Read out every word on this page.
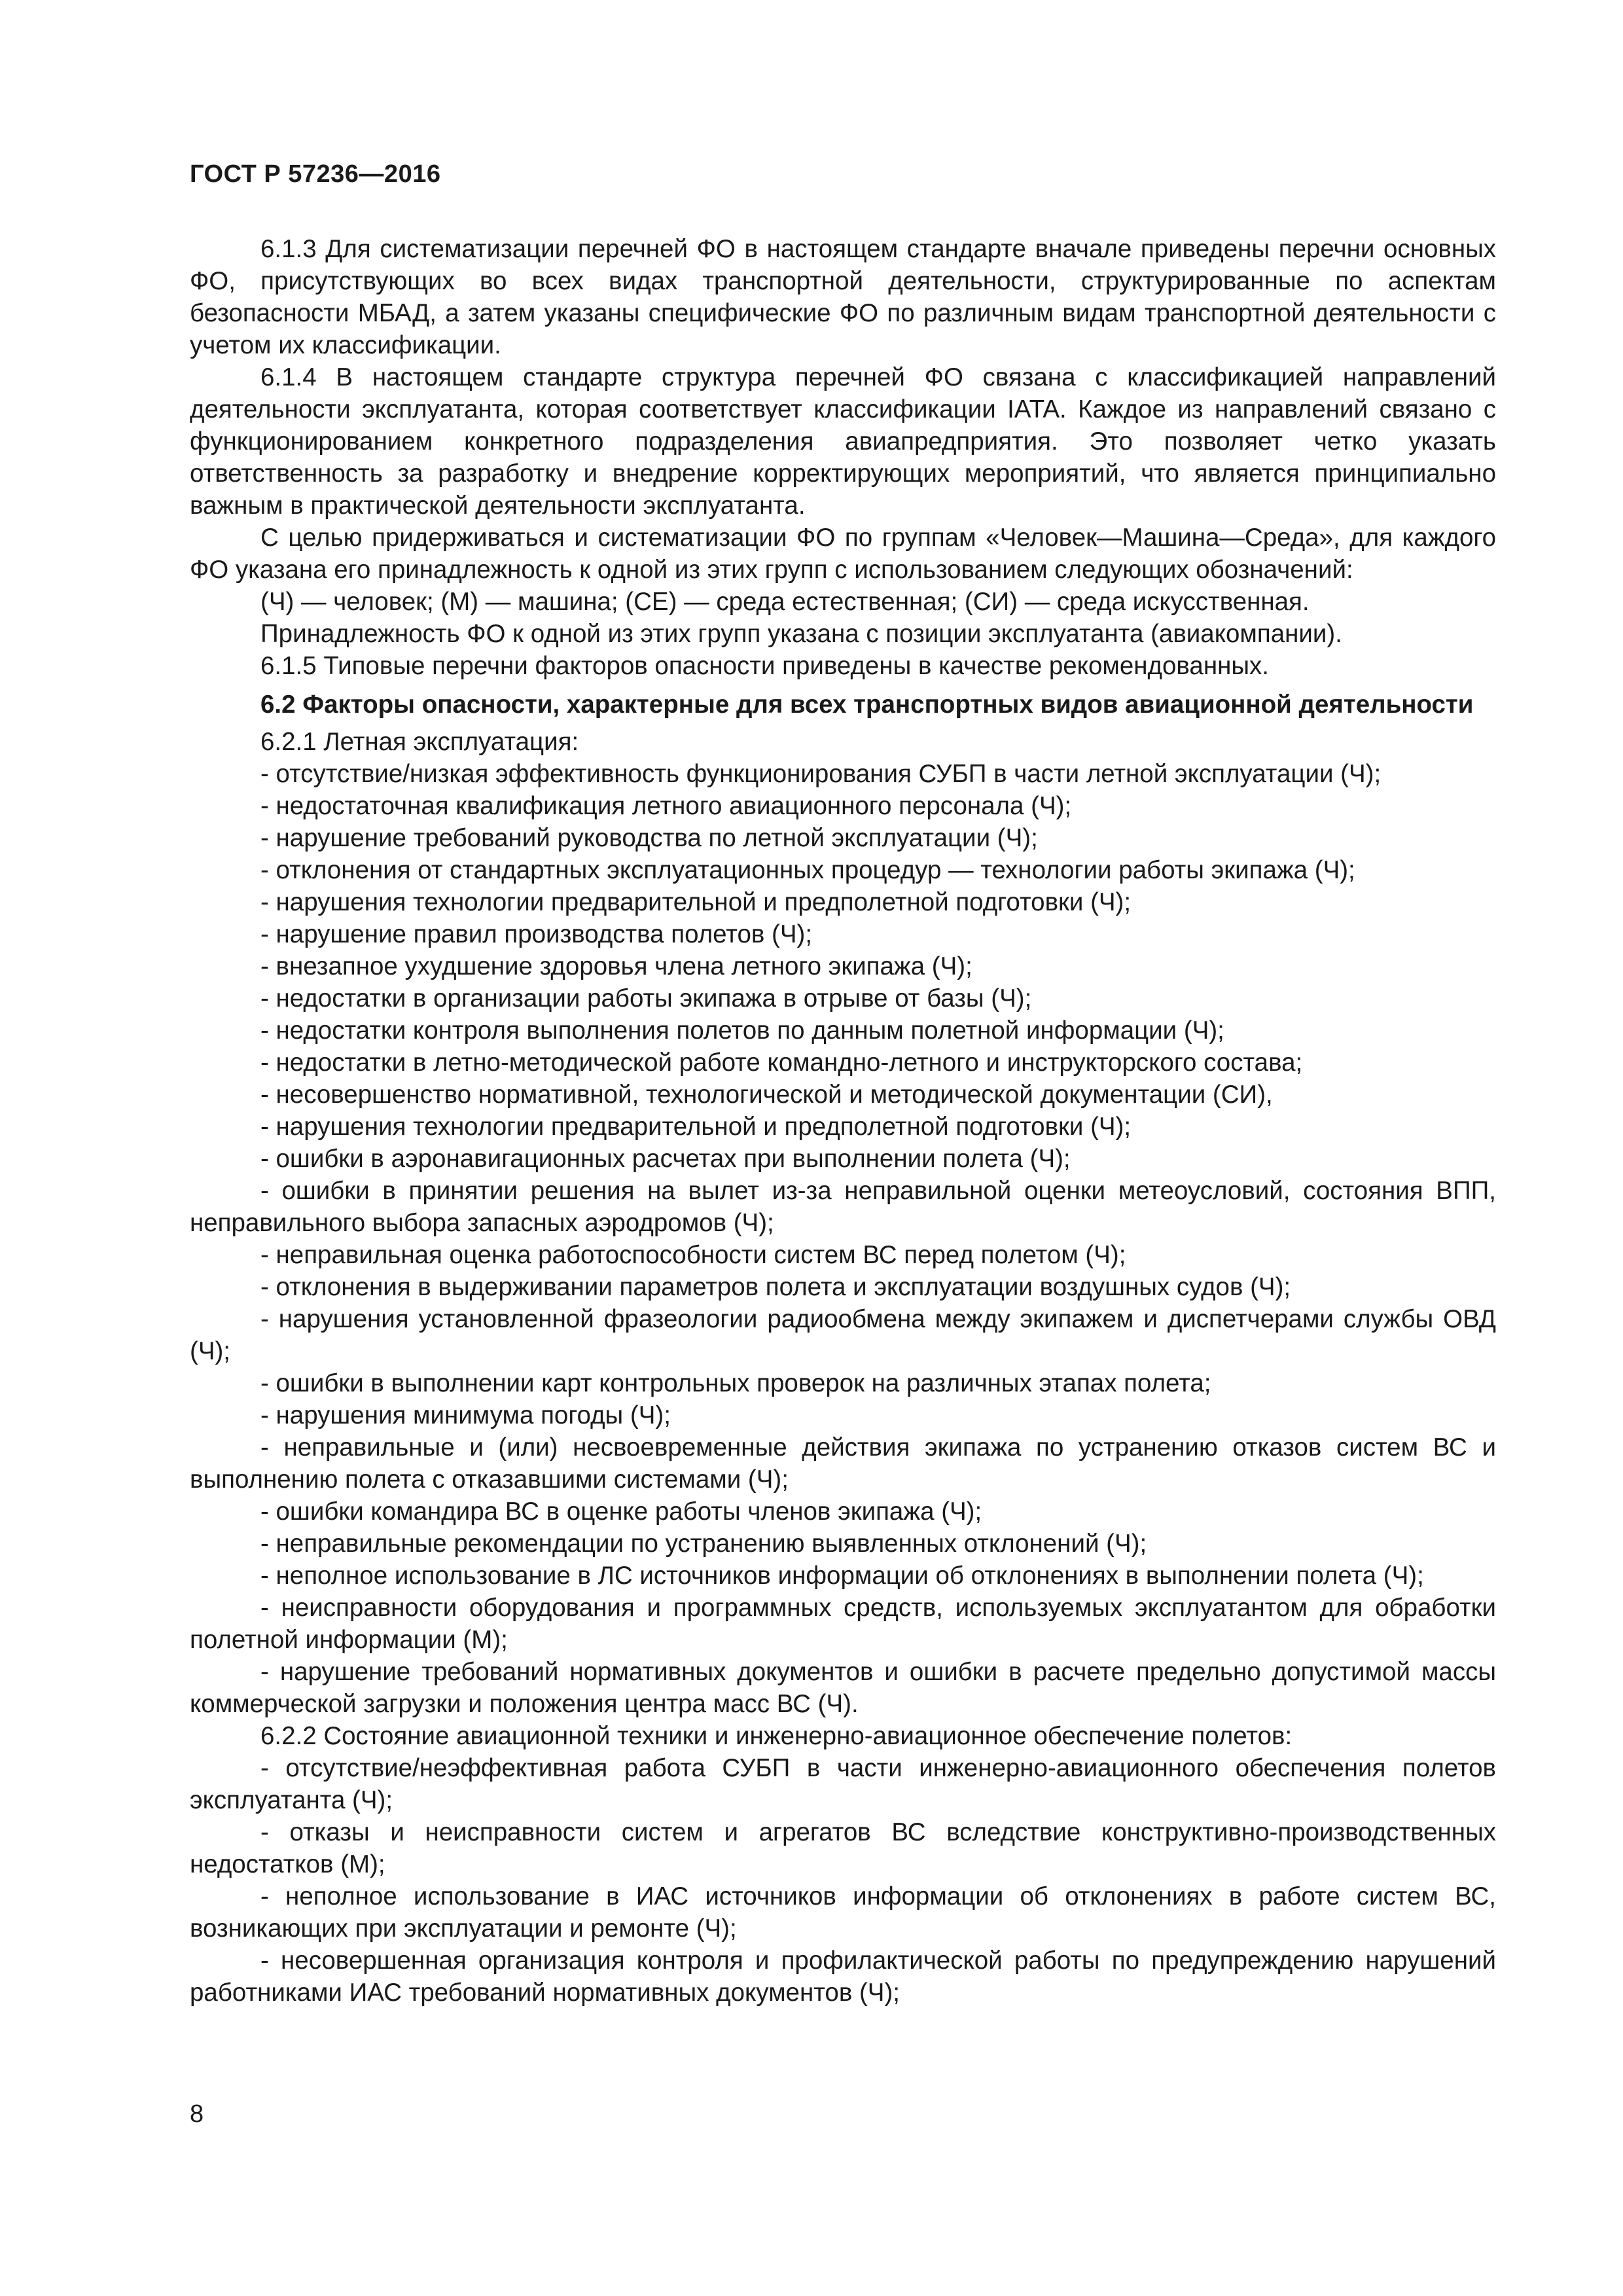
ГОСТ Р 57236—2016

6.1.3 Для систематизации перечней ФО в настоящем стандарте вначале приведены перечни основных ФО, присутствующих во всех видах транспортной деятельности, структурированные по аспектам безопасности МБАД, а затем указаны специфические ФО по различным видам транспортной деятельности с учетом их классификации.

6.1.4 В настоящем стандарте структура перечней ФО связана с классификацией направлений деятельности эксплуатанта, которая соответствует классификации IATA. Каждое из направлений связано с функционированием конкретного подразделения авиапредприятия. Это позволяет четко указать ответственность за разработку и внедрение корректирующих мероприятий, что является принципиально важным в практической деятельности эксплуатанта.

С целью придерживаться и систематизации ФО по группам «Человек—Машина—Среда», для каждого ФО указана его принадлежность к одной из этих групп с использованием следующих обозначений:

(Ч) — человек; (М) — машина; (СЕ) — среда естественная; (СИ) — среда искусственная.

Принадлежность ФО к одной из этих групп указана с позиции эксплуатанта (авиакомпании).

6.1.5 Типовые перечни факторов опасности приведены в качестве рекомендованных.

6.2 Факторы опасности, характерные для всех транспортных видов авиационной деятельности

6.2.1 Летная эксплуатация:

- отсутствие/низкая эффективность функционирования СУБП в части летной эксплуатации (Ч);
- недостаточная квалификация летного авиационного персонала (Ч);
- нарушение требований руководства по летной эксплуатации (Ч);
- отклонения от стандартных эксплуатационных процедур — технологии работы экипажа (Ч);
- нарушения технологии предварительной и предполетной подготовки (Ч);
- нарушение правил производства полетов (Ч);
- внезапное ухудшение здоровья члена летного экипажа (Ч);
- недостатки в организации работы экипажа в отрыве от базы (Ч);
- недостатки контроля выполнения полетов по данным полетной информации (Ч);
- недостатки в летно-методической работе командно-летного и инструкторского состава;
- несовершенство нормативной, технологической и методической документации (СИ),
- нарушения технологии предварительной и предполетной подготовки (Ч);
- ошибки в аэронавигационных расчетах при выполнении полета (Ч);
- ошибки в принятии решения на вылет из-за неправильной оценки метеоусловий, состояния ВПП, неправильного выбора запасных аэродромов (Ч);
- неправильная оценка работоспособности систем ВС перед полетом (Ч);
- отклонения в выдерживании параметров полета и эксплуатации воздушных судов (Ч);
- нарушения установленной фразеологии радиообмена между экипажем и диспетчерами службы ОВД (Ч);
- ошибки в выполнении карт контрольных проверок на различных этапах полета;
- нарушения минимума погоды (Ч);
- неправильные и (или) несвоевременные действия экипажа по устранению отказов систем ВС и выполнению полета с отказавшими системами (Ч);
- ошибки командира ВС в оценке работы членов экипажа (Ч);
- неправильные рекомендации по устранению выявленных отклонений (Ч);
- неполное использование в ЛС источников информации об отклонениях в выполнении полета (Ч);
- неисправности оборудования и программных средств, используемых эксплуатантом для обработки полетной информации (М);
- нарушение требований нормативных документов и ошибки в расчете предельно допустимой массы коммерческой загрузки и положения центра масс ВС (Ч).

6.2.2 Состояние авиационной техники и инженерно-авиационное обеспечение полетов:

- отсутствие/неэффективная работа СУБП в части инженерно-авиационного обеспечения полетов эксплуатанта (Ч);
- отказы и неисправности систем и агрегатов ВС вследствие конструктивно-производственных недостатков (М);
- неполное использование в ИАС источников информации об отклонениях в работе систем ВС, возникающих при эксплуатации и ремонте (Ч);
- несовершенная организация контроля и профилактической работы по предупреждению нарушений работниками ИАС требований нормативных документов (Ч);
8
